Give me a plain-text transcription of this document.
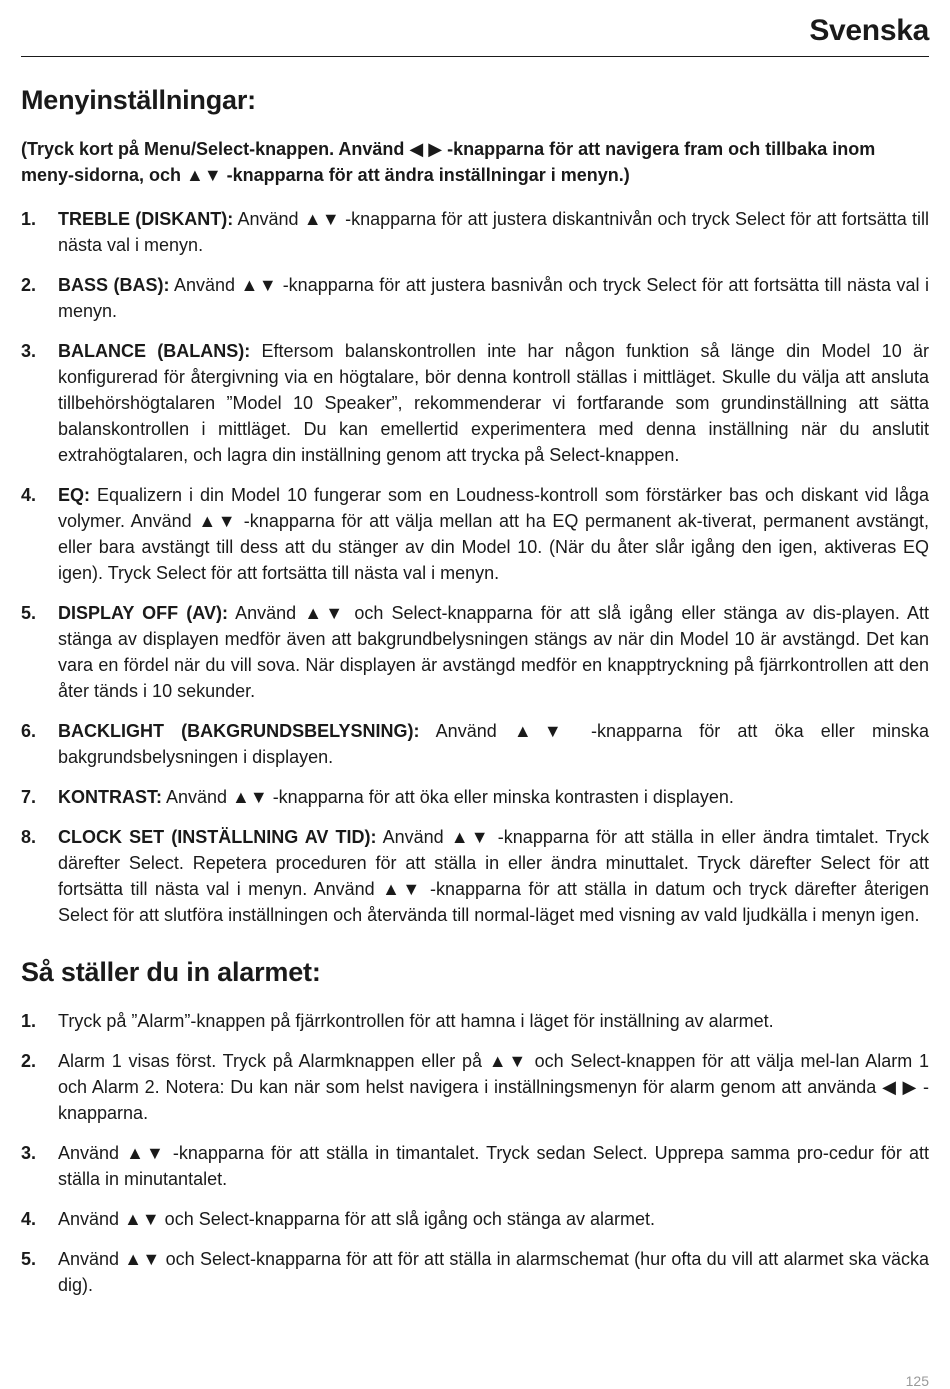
Svenska
Menyinställningar:

(Tryck kort på Menu/Select-knappen. Använd ◀ ▶ -knapparna för att navigera fram och tillbaka inom meny-sidorna, och ▲▼ -knapparna för att ändra inställningar i menyn.)

1. TREBLE (DISKANT): Använd ▲▼ -knapparna för att justera diskantnivån och tryck Select för att fortsätta till nästa val i menyn.
2. BASS (BAS): Använd ▲▼ -knapparna för att justera basnivån och tryck Select för att fortsätta till nästa val i menyn.
3. BALANCE (BALANS): Eftersom balanskontrollen inte har någon funktion så länge din Model 10 är konfigurerad för återgivning via en högtalare, bör denna kontroll ställas i mittläget. Skulle du välja att ansluta tillbehörshögtalaren ”Model 10 Speaker”, rekommenderar vi fortfarande som grundinställning att sätta balanskontrollen i mittläget. Du kan emellertid experimentera med denna inställning när du anslutit extrahögtalaren, och lagra din inställning genom att trycka på Select-knappen.
4. EQ: Equalizern i din Model 10 fungerar som en Loudness-kontroll som förstärker bas och diskant vid låga volymer. Använd ▲▼ -knapparna för att välja mellan att ha EQ permanent ak-tiverat, permanent avstängt, eller bara avstängt till dess att du stänger av din Model 10. (När du åter slår igång den igen, aktiveras EQ igen). Tryck Select för att fortsätta till nästa val i menyn.
5. DISPLAY OFF (AV): Använd ▲▼ och Select-knapparna för att slå igång eller stänga av dis-playen. Att stänga av displayen medför även att bakgrundbelysningen stängs av när din Model 10 är avstängd. Det kan vara en fördel när du vill sova. När displayen är avstängd medför en knapptryckning på fjärrkontrollen att den åter tänds i 10 sekunder.
6. BACKLIGHT (BAKGRUNDSBELYSNING): Använd ▲▼ -knapparna för att öka eller minska bakgrundsbelysningen i displayen.
7. KONTRAST: Använd ▲▼ -knapparna för att öka eller minska kontrasten i displayen.
8. CLOCK SET (INSTÄLLNING AV TID): Använd ▲▼ -knapparna för att ställa in eller ändra timtalet. Tryck därefter Select. Repetera proceduren för att ställa in eller ändra minuttalet. Tryck därefter Select för att fortsätta till nästa val i menyn. Använd ▲▼ -knapparna för att ställa in datum och tryck därefter återigen Select för att slutföra inställningen och återvända till normal-läget med visning av vald ljudkälla i menyn igen.
Så ställer du in alarmet:
1. Tryck på ”Alarm”-knappen på fjärrkontrollen för att hamna i läget för inställning av alarmet.
2. Alarm 1 visas först. Tryck på Alarmknappen eller på ▲▼ och Select-knappen för att välja mel-lan Alarm 1 och Alarm 2. Notera: Du kan när som helst navigera i inställningsmenyn för alarm genom att använda ◀ ▶ -knapparna.
3. Använd ▲▼ -knapparna för att ställa in timantalet. Tryck sedan Select. Upprepa samma pro-cedur för att ställa in minutantalet.
4. Använd ▲▼ och Select-knapparna för att slå igång och stänga av alarmet.
5. Använd ▲▼ och Select-knapparna för att för att ställa in alarmschemat (hur ofta du vill att alarmet ska väcka dig).
125
